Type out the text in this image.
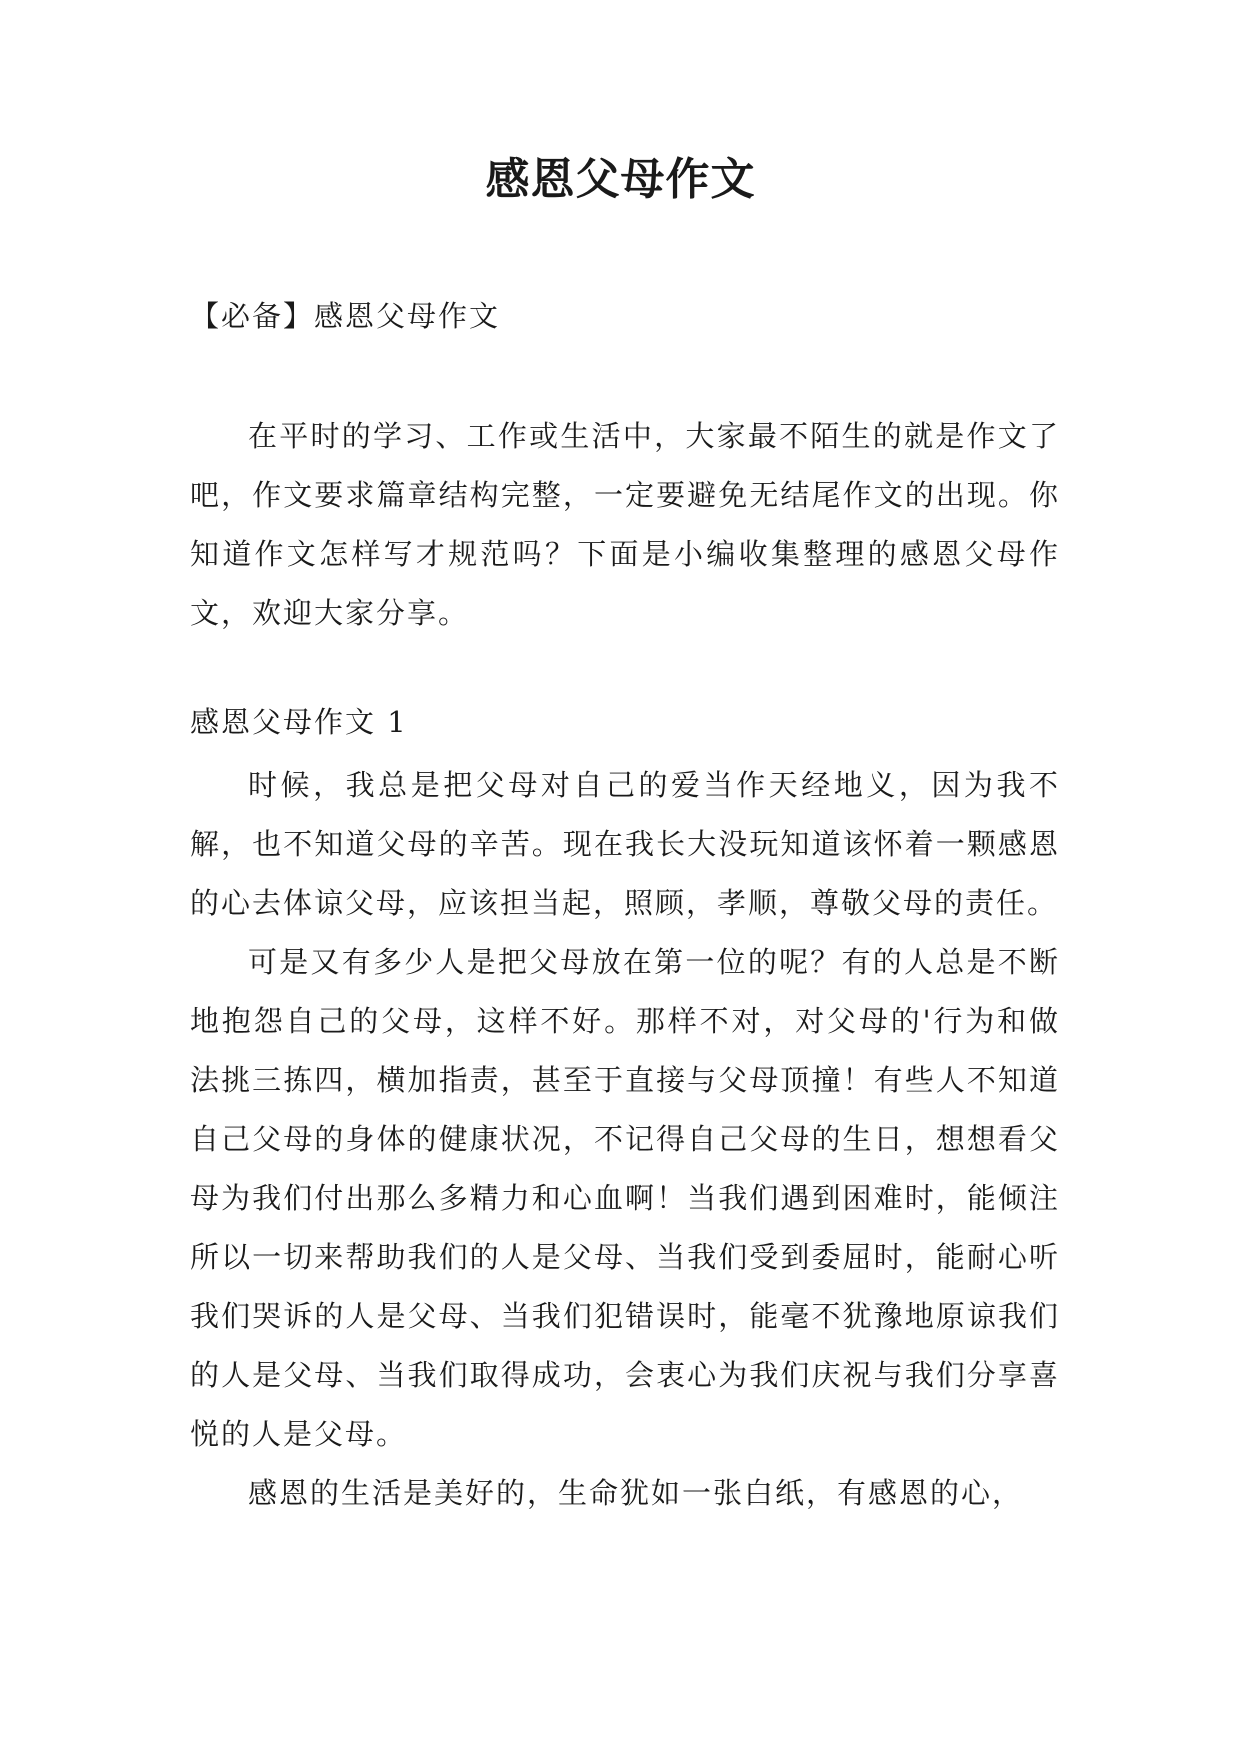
感恩父母作文
【必备】感恩父母作文

在平时的学习、工作或生活中，大家最不陌生的就是作文了吧，作文要求篇章结构完整，一定要避免无结尾作文的出现。你知道作文怎样写才规范吗？下面是小编收集整理的感恩父母作文，欢迎大家分享。

感恩父母作文 1

时候，我总是把父母对自己的爱当作天经地义，因为我不解，也不知道父母的辛苦。现在我长大没玩知道该怀着一颗感恩的心去体谅父母，应该担当起，照顾，孝顺，尊敬父母的责任。

可是又有多少人是把父母放在第一位的呢？有的人总是不断地抱怨自己的父母，这样不好。那样不对，对父母的'行为和做法挑三拣四，横加指责，甚至于直接与父母顶撞！有些人不知道自己父母的身体的健康状况，不记得自己父母的生日，想想看父母为我们付出那么多精力和心血啊！当我们遇到困难时，能倾注所以一切来帮助我们的人是父母、当我们受到委屈时，能耐心听我们哭诉的人是父母、当我们犯错误时，能毫不犹豫地原谅我们的人是父母、当我们取得成功，会衷心为我们庆祝与我们分享喜悦的人是父母。

感恩的生活是美好的，生命犹如一张白纸，有感恩的心，
